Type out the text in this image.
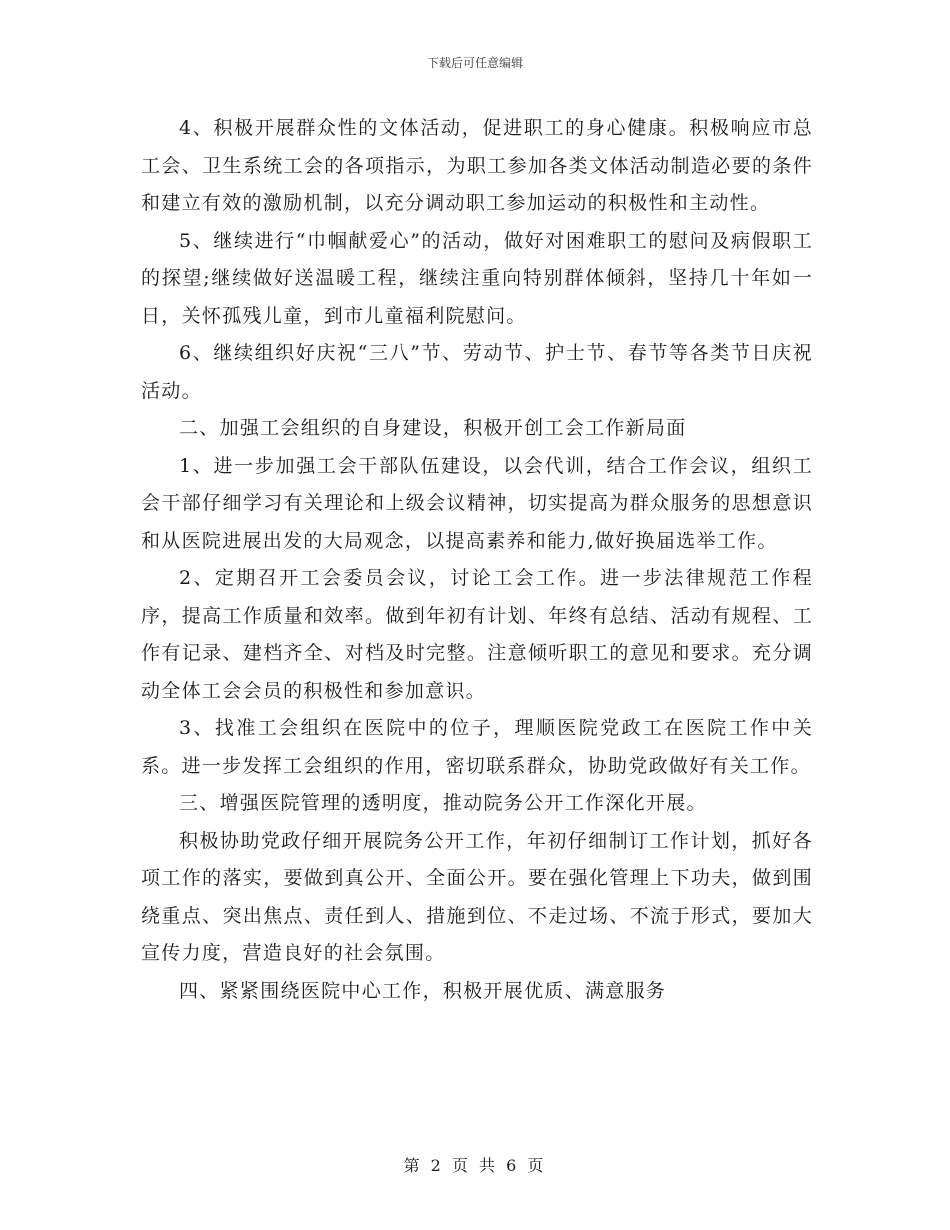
下载后可任意编辑

4、积极开展群众性的文体活动，促进职工的身心健康。积极响应市总工会、卫生系统工会的各项指示，为职工参加各类文体活动制造必要的条件和建立有效的激励机制，以充分调动职工参加运动的积极性和主动性。

5、继续进行“巾帼献爱心”的活动，做好对困难职工的慰问及病假职工的探望;继续做好送温暖工程，继续注重向特别群体倾斜，坚持几十年如一日，关怀孤残儿童，到市儿童福利院慰问。

6、继续组织好庆祝“三八”节、劳动节、护士节、春节等各类节日庆祝活动。

二、加强工会组织的自身建设，积极开创工会工作新局面

1、进一步加强工会干部队伍建设，以会代训，结合工作会议，组织工会干部仔细学习有关理论和上级会议精神，切实提高为群众服务的思想意识和从医院进展出发的大局观念，以提高素养和能力,做好换届选举工作。

2、定期召开工会委员会议，讨论工会工作。进一步法律规范工作程序，提高工作质量和效率。做到年初有计划、年终有总结、活动有规程、工作有记录、建档齐全、对档及时完整。注意倾听职工的意见和要求。充分调动全体工会会员的积极性和参加意识。

3、找准工会组织在医院中的位子，理顺医院党政工在医院工作中关系。进一步发挥工会组织的作用，密切联系群众，协助党政做好有关工作。

三、增强医院管理的透明度，推动院务公开工作深化开展。

积极协助党政仔细开展院务公开工作，年初仔细制订工作计划，抓好各项工作的落实，要做到真公开、全面公开。要在强化管理上下功夫，做到围绕重点、突出焦点、责任到人、措施到位、不走过场、不流于形式，要加大宣传力度，营造良好的社会氛围。

四、紧紧围绕医院中心工作，积极开展优质、满意服务

第 2 页 共 6 页
